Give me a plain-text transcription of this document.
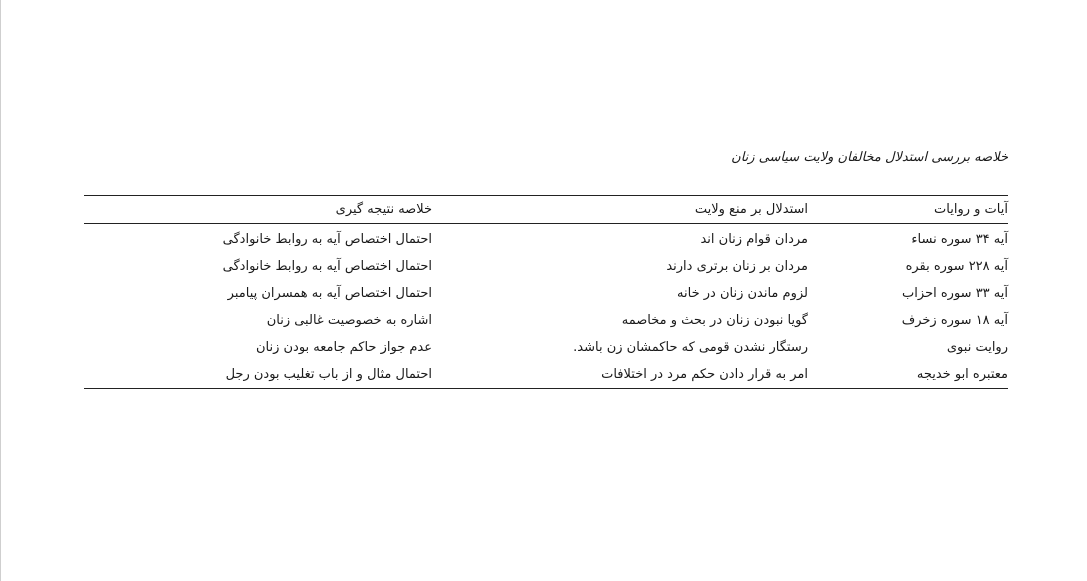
خلاصه بررسی استدلال مخالفان ولایت سیاسی زنان
آیات و روایات
استدلال بر منع ولایت
خلاصه نتیجه گیری
آیه ۳۴ سوره نساء
مردان قوام زنان اند
احتمال اختصاص آیه به روابط خانوادگی
آیه ۲۲۸ سوره بقره
مردان بر زنان برتری دارند
احتمال اختصاص آیه به روابط خانوادگی
آیه ۳۳ سوره احزاب
لزوم ماندن زنان در خانه
احتمال اختصاص آیه به همسران پیامبر
آیه ۱۸ سوره زخرف
گویا نبودن زنان در بحث و مخاصمه
اشاره به خصوصیت غالبی زنان
روایت نبوی
رستگار نشدن قومی که حاکمشان زن باشد.
عدم جواز حاکم جامعه بودن زنان
معتبره ابو خدیجه
امر به قرار دادن حکم مرد در اختلافات
احتمال مثال و از باب تغلیب بودن رجل
